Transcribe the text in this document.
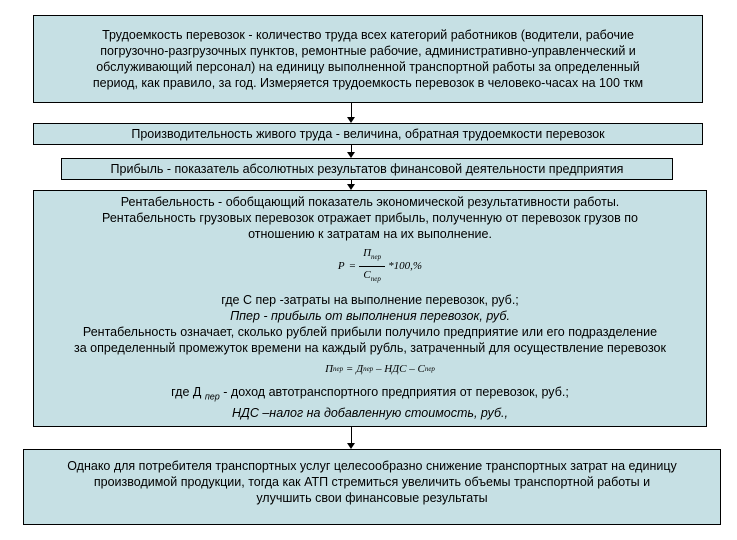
Трудоемкость перевозок - количество труда всех категорий работников (водители, рабочие

погрузочно-разгрузочных пунктов, ремонтные рабочие, административно-управленческий и

обслуживающий персонал) на единицу выполненной транспортной работы за определенный

период, как правило, за год. Измеряется трудоемкость перевозок в человеко-часах на 100 ткм

Производительность живого труда - величина, обратная трудоемкости перевозок
Прибыль - показатель абсолютных результатов финансовой деятельности предприятия

Рентабельность - обобщающий показатель экономической результативности работы.

Рентабельность грузовых перевозок отражает прибыль, полученную от перевозок грузов по

отношению к затратам на их выполнение.

$P = \frac{П_{пер}}{С_{пер}} *100,\%$

где С пер -затраты на выполнение перевозок, руб.;

Ппер - прибыль от выполнения перевозок, руб.

Рентабельность означает, сколько рублей прибыли получило предприятие или его подразделение

за определенный промежуток времени на каждый рубль, затраченный для осуществление перевозок

П пер = Д пер – НДС – С пер

где Д $_{пер}$ - доход автотранспортного предприятия от перевозок, руб.;

НДС –налог на добавленную стоимость, руб.,

Однако для потребителя транспортных услуг целесообразно снижение транспортных затрат на единицу

производимой продукции, тогда как АТП стремиться увеличить объемы транспортной работы и

улучшить свои финансовые результаты
